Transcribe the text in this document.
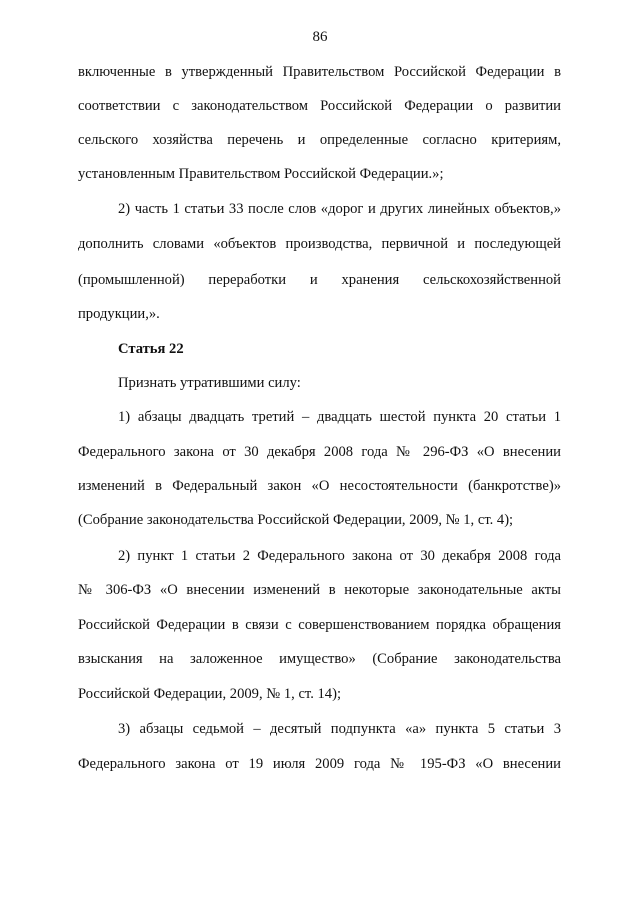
86
включенные в утвержденный Правительством Российской Федерации в
соответствии с законодательством Российской Федерации о развитии
сельского хозяйства перечень и определенные согласно критериям,
установленным Правительством Российской Федерации.»;
2) часть 1 статьи 33 после слов «дорог и других линейных объектов,»
дополнить словами «объектов производства, первичной и последующей
(промышленной) переработки и хранения сельскохозяйственной
продукции,».
Статья 22
Признать утратившими силу:
1) абзацы двадцать третий – двадцать шестой пункта 20 статьи 1
Федерального закона от 30 декабря 2008 года № 296-ФЗ «О внесении
изменений в Федеральный закон «О несостоятельности (банкротстве)»
(Собрание законодательства Российской Федерации, 2009, № 1, ст. 4);
2) пункт 1 статьи 2 Федерального закона от 30 декабря 2008 года
№ 306-ФЗ «О внесении изменений в некоторые законодательные акты
Российской Федерации в связи с совершенствованием порядка обращения
взыскания на заложенное имущество» (Собрание законодательства
Российской Федерации, 2009, № 1, ст. 14);
3) абзацы седьмой – десятый подпункта «а» пункта 5 статьи 3
Федерального закона от 19 июля 2009 года № 195-ФЗ «О внесении
